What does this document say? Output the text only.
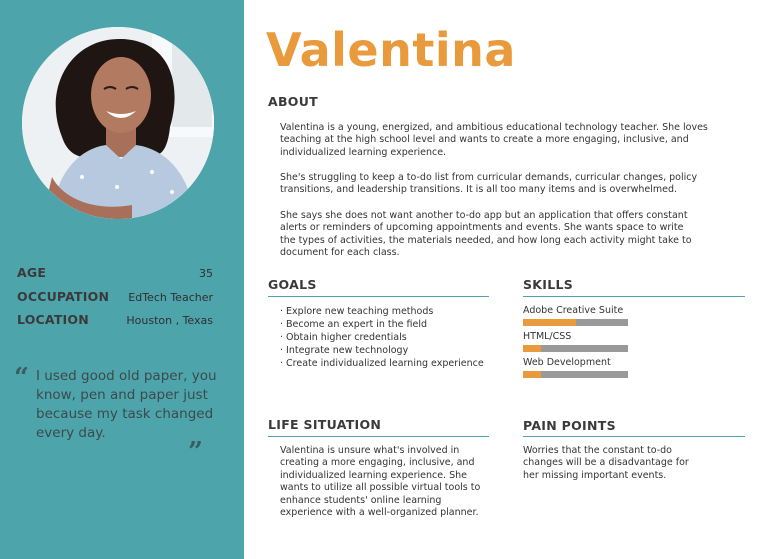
AGE	35
OCCUPATION EdTech Teacher
LOCATION	Houston , Texas
“ I used good old paper, you know, pen and paper just because my task changed every day.

”
Valentina
ABOUT

Valentina is a young, energized, and ambitious educational technology teacher. She loves teaching at the high school level and wants to create a more engaging, inclusive, and individualized learning experience.

She's struggling to keep a to-do list from curricular demands, curricular changes, policy transitions, and leadership transitions. It is all too many items and is overwhelmed.

She says she does not want another to-do app but an application that offers constant alerts or reminders of upcoming appointments and events. She wants space to write the types of activities, the materials needed, and how long each activity might take to document for each class.

GOALS
· Explore new teaching methods
· Become an expert in the field
· Obtain higher credentials
· Integrate new technology
· Create individualized learning experience
SKILLS
Adobe Creative Suite
HTML/CSS
Web Development
LIFE SITUATION

Valentina is unsure what's involved in creating a more engaging, inclusive, and individualized learning experience. She wants to utilize all possible virtual tools to enhance students' online learning experience with a well-organized planner.

PAIN POINTS

Worries that the constant to-do changes will be a disadvantage for her missing important events.
